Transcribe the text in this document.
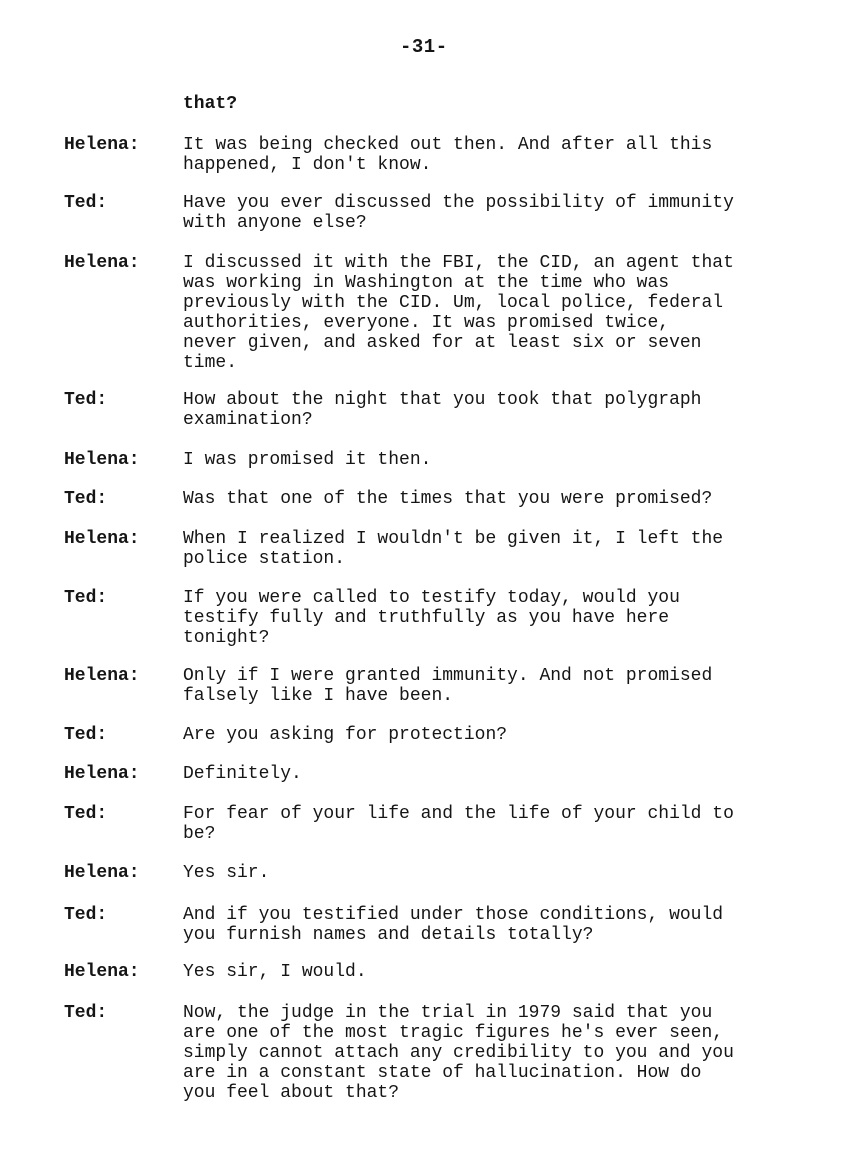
-31-
that?
Helena: It was being checked out then. And after all this
happened, I don't know.
Ted:	Have you ever discussed the possibility of immunity
with anyone else?
Helena: I discussed it with the FBI, the CID, an agent that
was working in Washington at the time who was
previously with the CID. Um, local police, federal
authorities, everyone. It was promised twice,
never given, and asked for at least six or seven
time.
Ted:	How about the night that you took that polygraph
examination?
Helena: I was promised it then.
Ted:	Was that one of the times that you were promised?
Helena: When I realized I wouldn't be given it, I left the
police station.
Ted:	If you were called to testify today, would you
testify fully and truthfully as you have here
tonight?
Helena: Only if I were granted immunity. And not promised
falsely like I have been.
Ted:	Are you asking for protection?
Helena: Definitely.
Ted:	For fear of your life and the life of your child to
be?
Helena: Yes sir.
Ted:	And if you testified under those conditions, would
you furnish names and details totally?
Helena: Yes sir, I would.
Ted:	Now, the judge in the trial in 1979 said that you
are one of the most tragic figures he's ever seen,
simply cannot attach any credibility to you and you
are in a constant state of hallucination. How do
you feel about that?
